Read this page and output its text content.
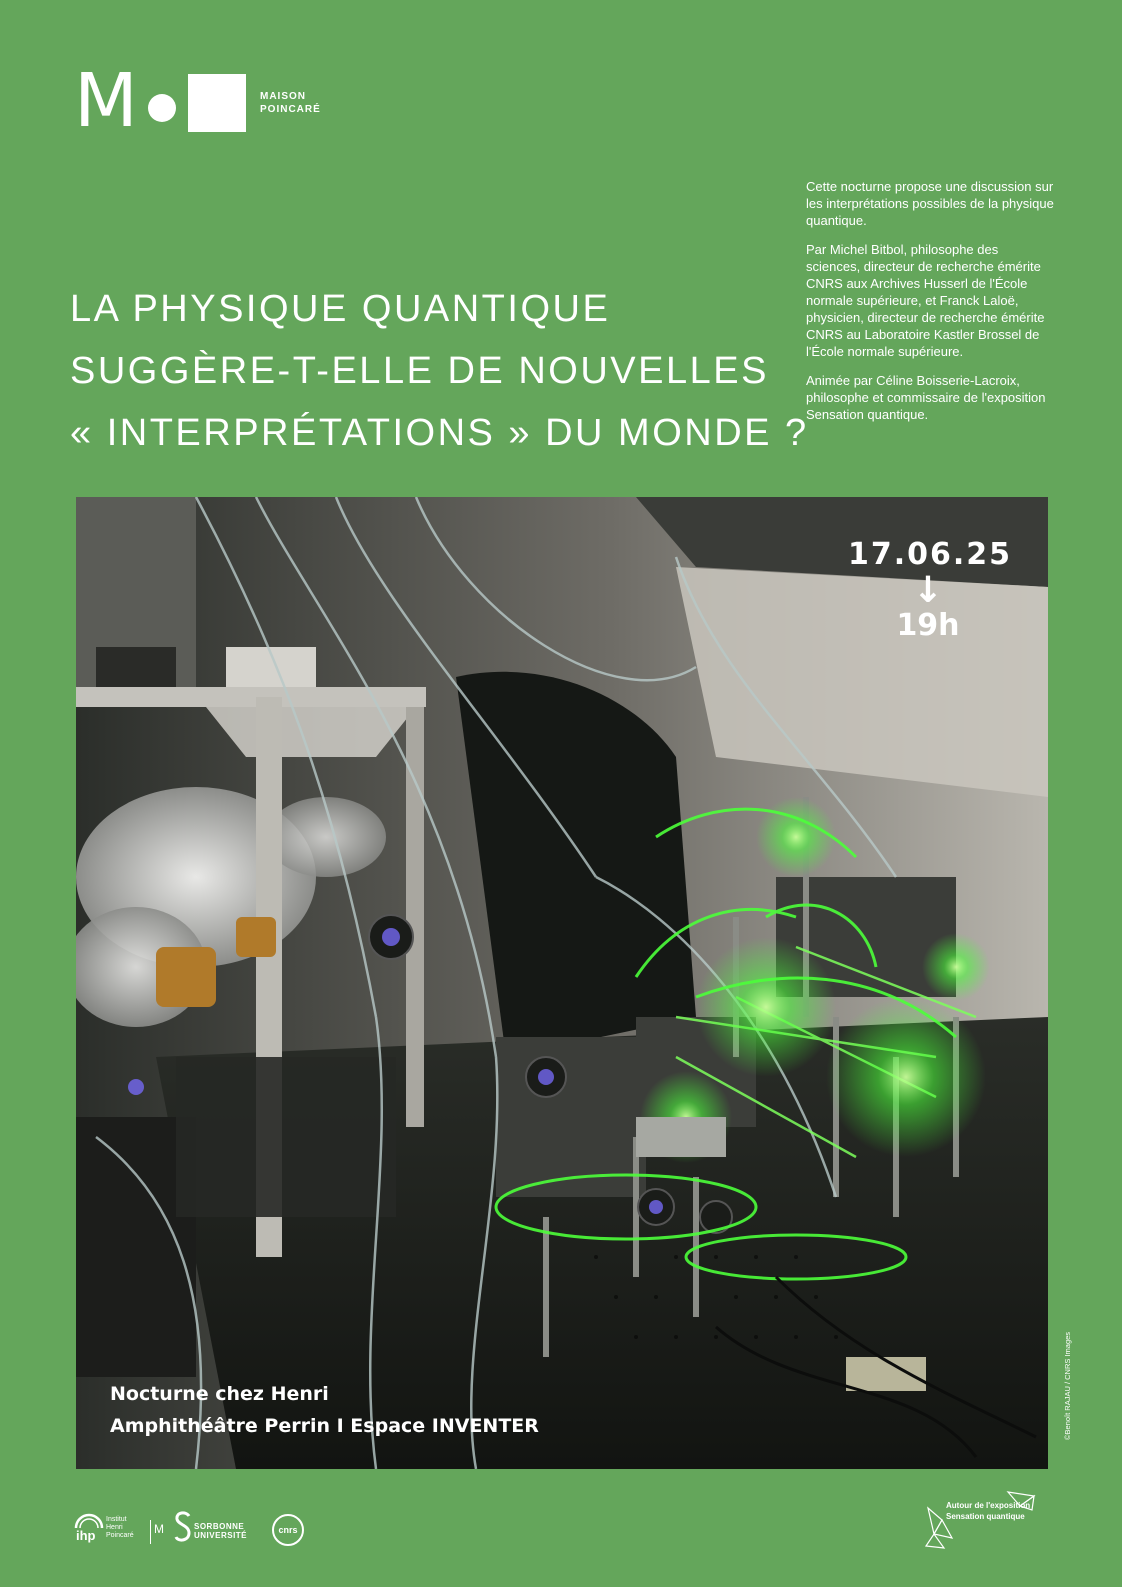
M	MAISON
POINCARÉ
LA PHYSIQUE QUANTIQUE
SUGGÈRE-T-ELLE DE NOUVELLES
« INTERPRÉTATIONS » DU MONDE ?

Cette nocturne propose une discussion sur les interprétations possibles de la physique quantique.

Par Michel Bitbol, philosophe des sciences, directeur de recherche émérite CNRS aux Archives Husserl de l'École normale supérieure, et Franck Laloë, physicien, directeur de recherche émérite CNRS au Laboratoire Kastler Brossel de l'École normale supérieure.

Animée par Céline Boisserie-Lacroix, philosophe et commissaire de l'exposition Sensation quantique.

17.06.25
↓
19h
Nocturne chez Henri
Amphithéâtre Perrin I Espace INVENTER	©Benoît RAJAU / CNRS Images
ihp
Institut
Henri
Poincaré M	SORBONNE
UNIVERSITÉ
cnrs
Autour de l'exposition
Sensation quantique
